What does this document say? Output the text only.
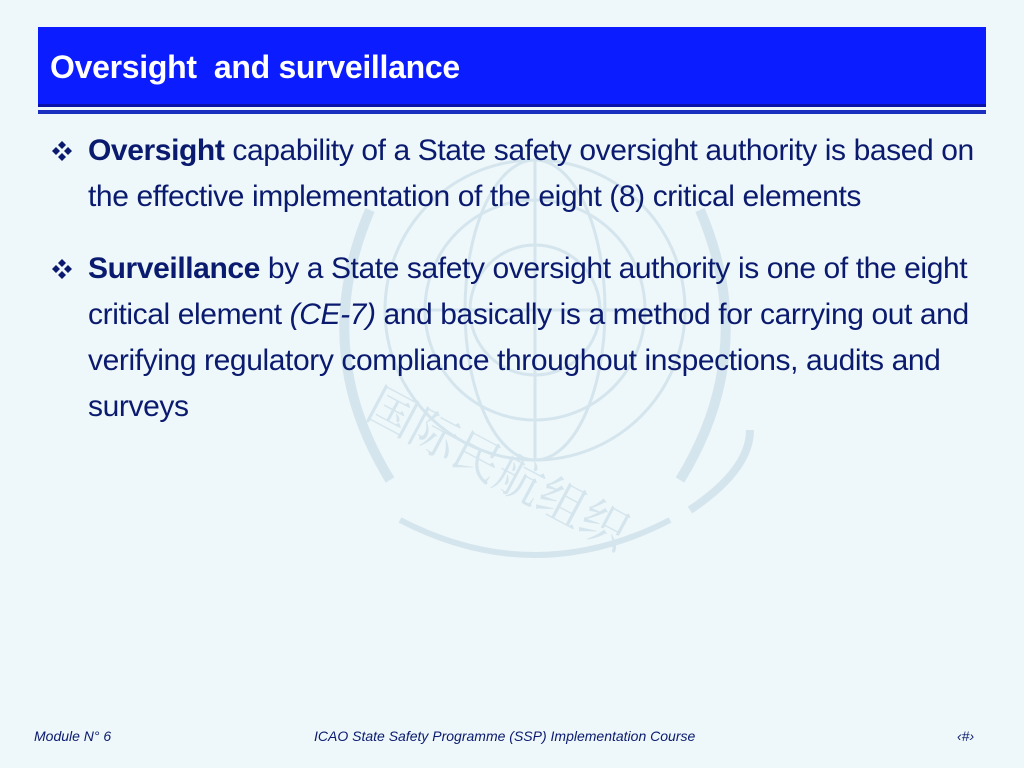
国际民航组织
Oversight  and surveillance
Oversight capability of a State safety oversight authority is based on the effective implementation of the eight (8) critical elements
Surveillance by a State safety oversight authority is one of the eight critical element (CE-7) and basically is a method for carrying out and verifying regulatory compliance throughout inspections, audits and surveys
Module N° 6	ICAO State Safety Programme (SSP) Implementation Course	‹#›
